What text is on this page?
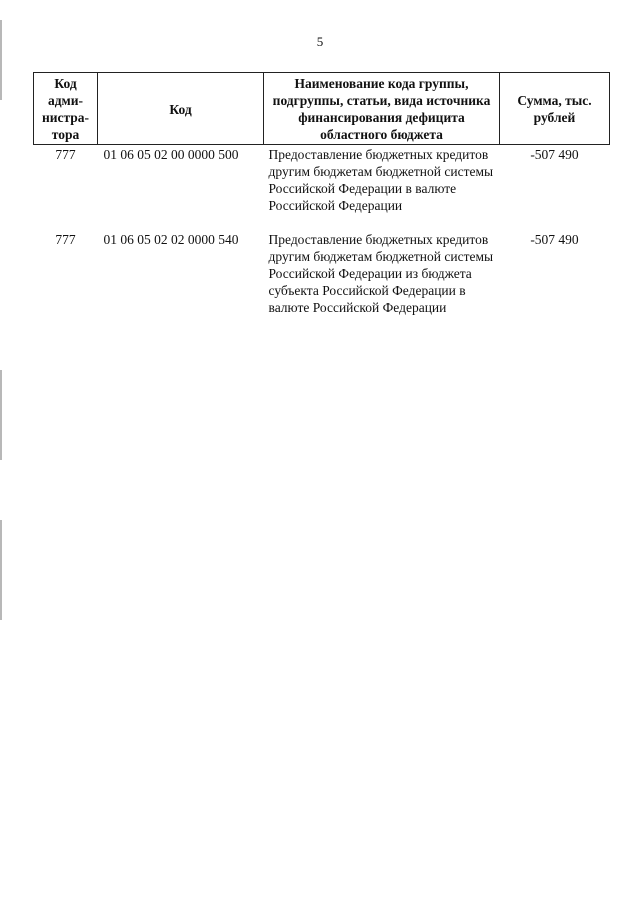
5
Код адми-нистра-тора	Код	Наименование кода группы, подгруппы, статьи, вида источника финансирования дефицита областного бюджета	Сумма, тыс. рублей
777	01 06 05 02 00 0000 500	Предоставление бюджетных кредитов другим бюджетам бюджетной системы Российской Федерации в валюте Российской Федерации	-507 490

777	01 06 05 02 02 0000 540	Предоставление бюджетных кредитов другим бюджетам бюджетной системы Российской Федерации из бюджета субъекта Российской Федерации в валюте Российской Федерации	-507 490
